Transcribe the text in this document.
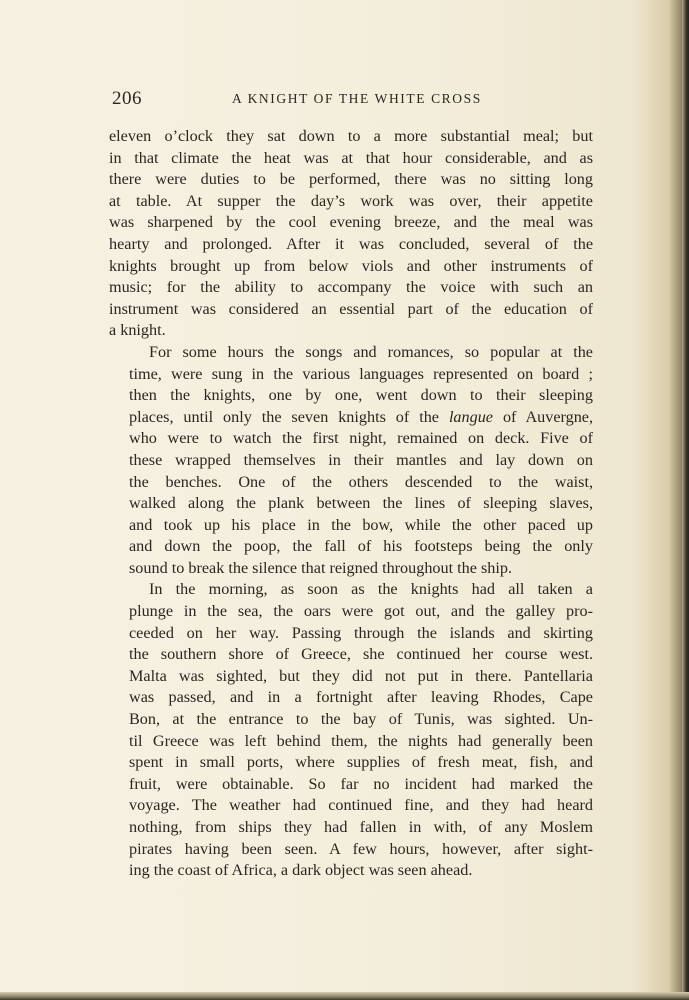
206	A KNIGHT OF THE WHITE CROSS

eleven o’clock they sat down to a more substantial meal; but
in that climate the heat was at that hour considerable, and as
there were duties to be performed, there was no sitting long
at table. At supper the day’s work was over, their appetite
was sharpened by the cool evening breeze, and the meal was
hearty and prolonged. After it was concluded, several of the
knights brought up from below viols and other instruments of
music; for the ability to accompany the voice with such an
instrument was considered an essential part of the education of
a knight.

For some hours the songs and romances, so popular at the
time, were sung in the various languages represented on board ;
then the knights, one by one, went down to their sleeping
places, until only the seven knights of the langue of Auvergne,
who were to watch the first night, remained on deck. Five of
these wrapped themselves in their mantles and lay down on
the benches. One of the others descended to the waist,
walked along the plank between the lines of sleeping slaves,
and took up his place in the bow, while the other paced up
and down the poop, the fall of his footsteps being the only
sound to break the silence that reigned throughout the ship.

In the morning, as soon as the knights had all taken a
plunge in the sea, the oars were got out, and the galley pro-
ceeded on her way. Passing through the islands and skirting
the southern shore of Greece, she continued her course west.
Malta was sighted, but they did not put in there. Pantellaria
was passed, and in a fortnight after leaving Rhodes, Cape
Bon, at the entrance to the bay of Tunis, was sighted. Un-
til Greece was left behind them, the nights had generally been
spent in small ports, where supplies of fresh meat, fish, and
fruit, were obtainable. So far no incident had marked the
voyage. The weather had continued fine, and they had heard
nothing, from ships they had fallen in with, of any Moslem
pirates having been seen. A few hours, however, after sight-
ing the coast of Africa, a dark object was seen ahead.
